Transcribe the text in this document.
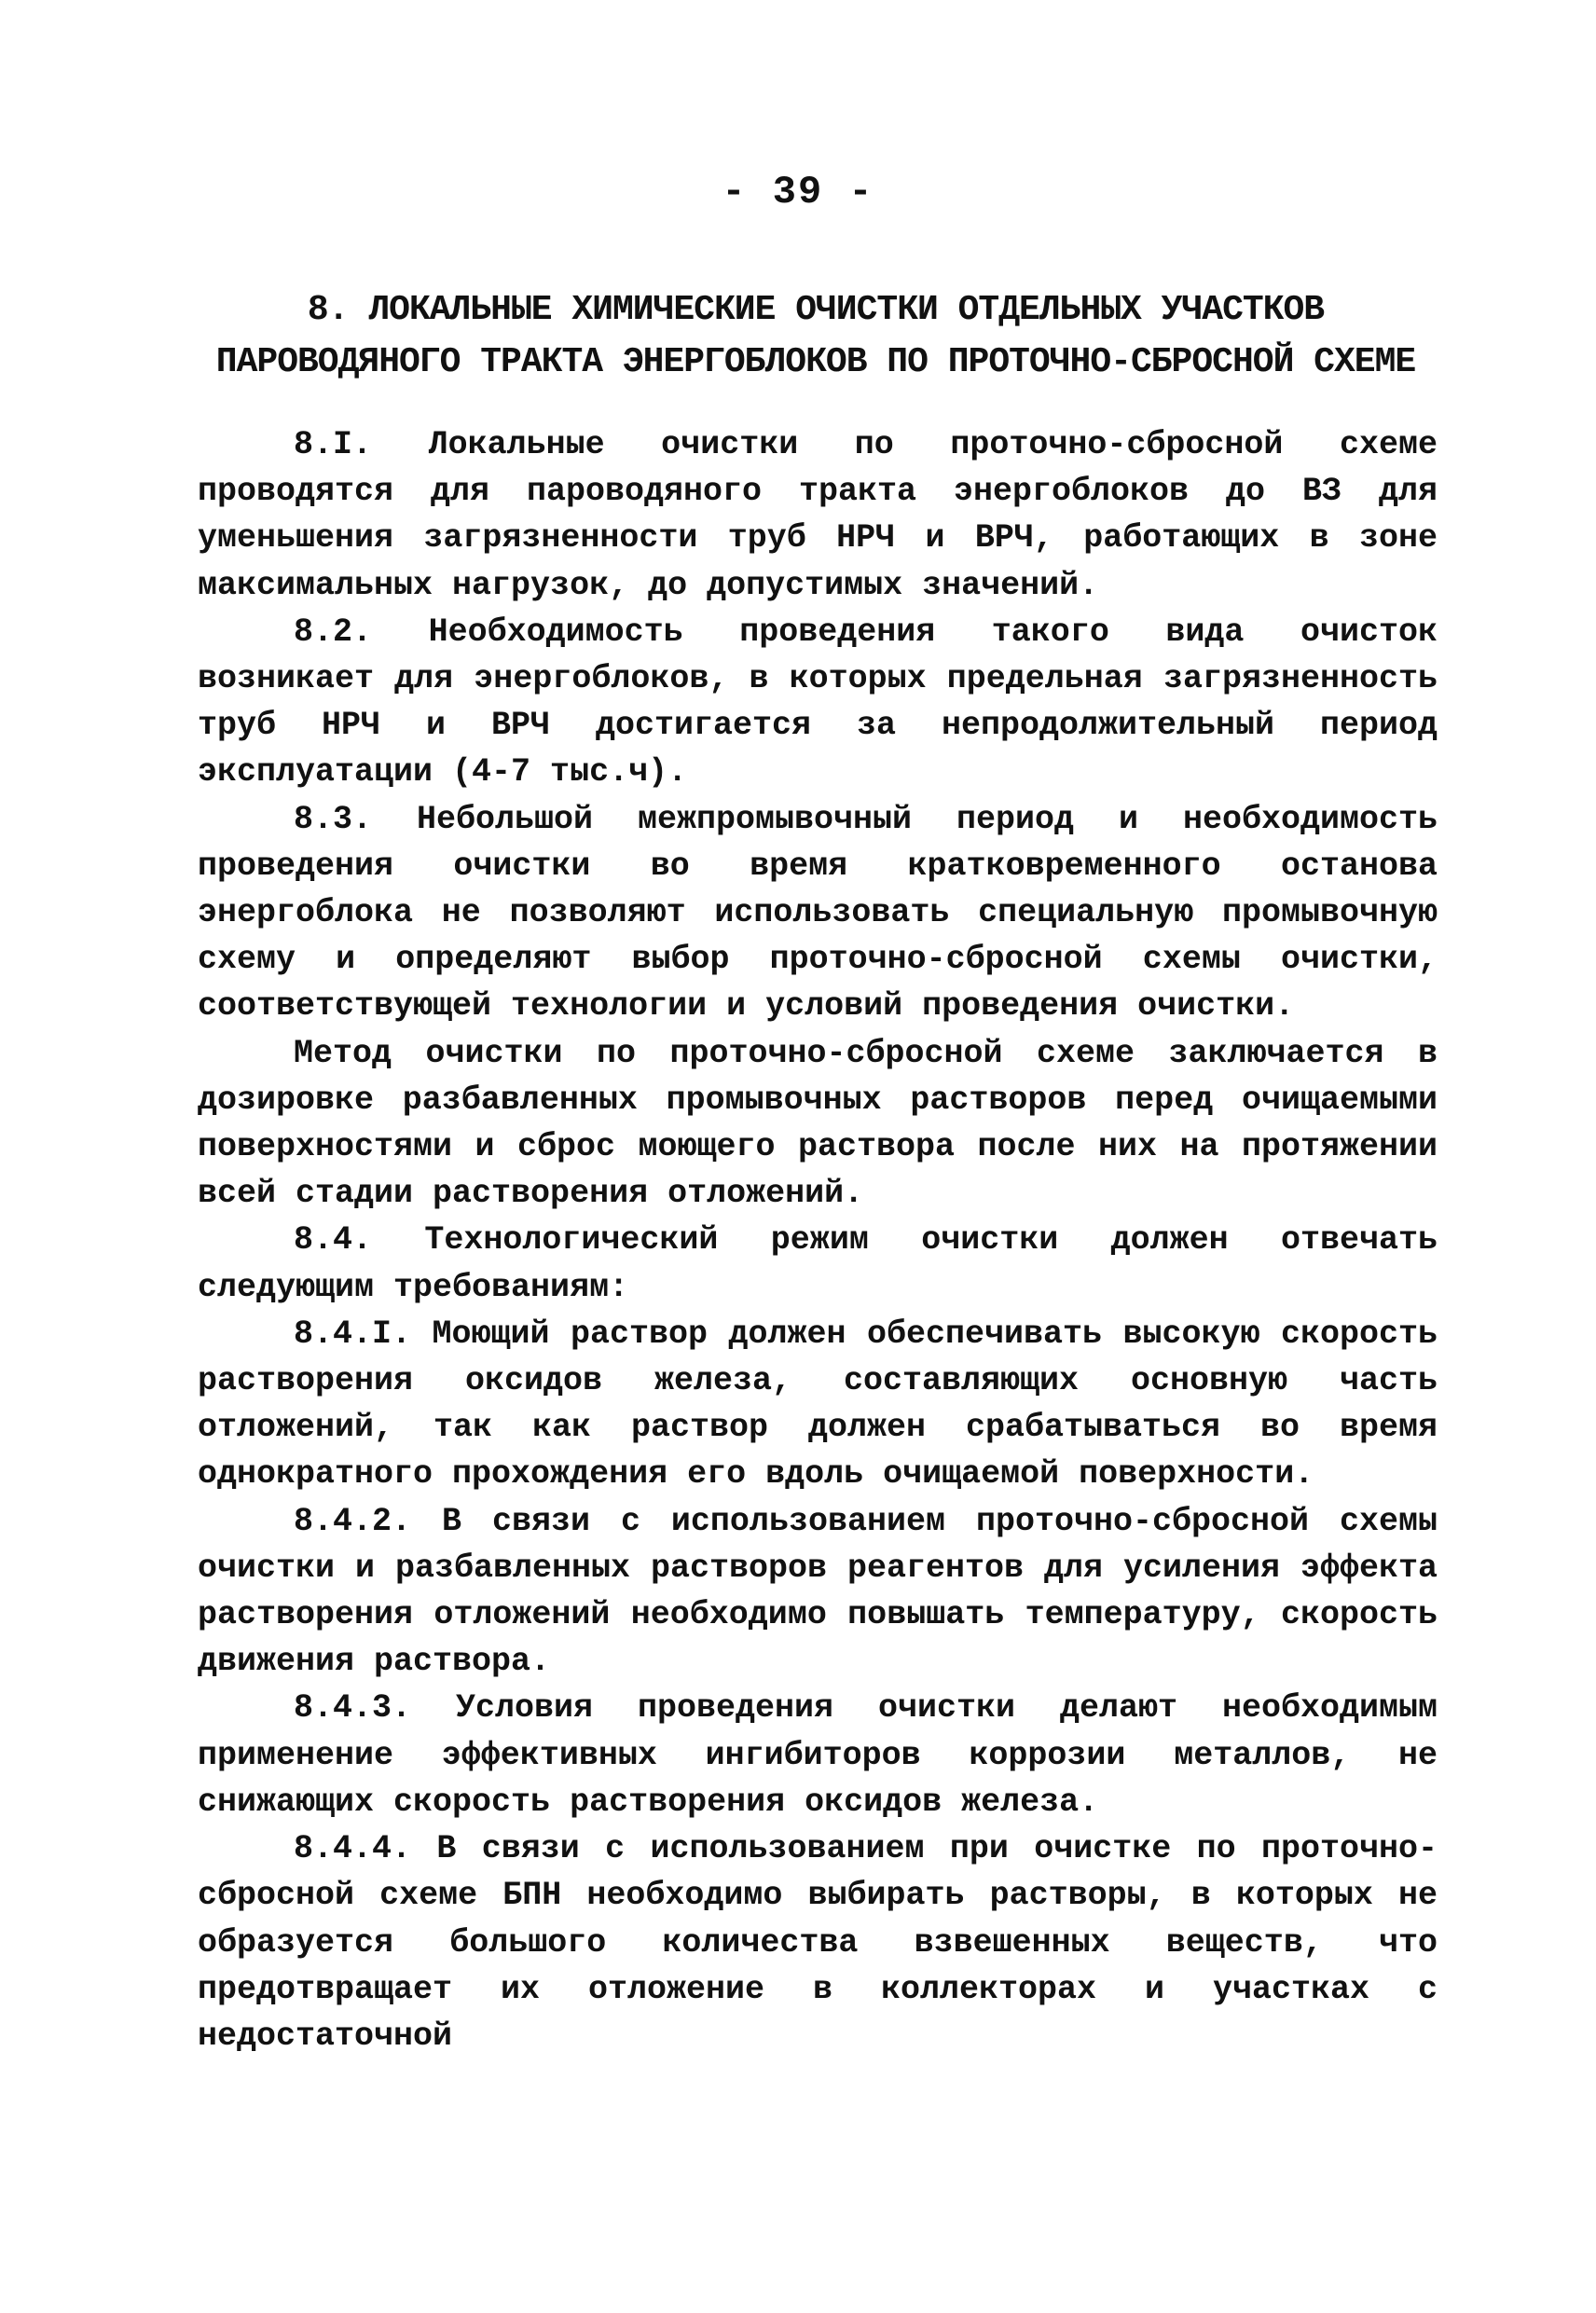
- 39 -
8. ЛОКАЛЬНЫЕ ХИМИЧЕСКИЕ ОЧИСТКИ ОТДЕЛЬНЫХ УЧАСТКОВ
ПАРОВОДЯНОГО ТРАКТА ЭНЕРГОБЛОКОВ ПО ПРОТОЧНО-СБРОСНОЙ СХЕМЕ

8.I. Локальные очистки по проточно-сбросной схеме проводятся для пароводяного тракта энергоблоков до ВЗ для уменьшения загрязненности труб НРЧ и ВРЧ, работающих в зоне максимальных нагрузок, до допустимых значений.

8.2. Необходимость проведения такого вида очисток возникает для энергоблоков, в которых предельная загрязненность труб НРЧ и ВРЧ достигается за непродолжительный период эксплуатации (4-7 тыс.ч).

8.3. Небольшой межпромывочный период и необходимость проведения очистки во время кратковременного останова энергоблока не позволяют использовать специальную промывочную схему и определяют выбор проточно-сбросной схемы очистки, соответствующей технологии и условий проведения очистки.

Метод очистки по проточно-сбросной схеме заключается в дозировке разбавленных промывочных растворов перед очищаемыми поверхностями и сброс моющего раствора после них на протяжении всей стадии растворения отложений.

8.4. Технологический режим очистки должен отвечать следующим требованиям:

8.4.I. Моющий раствор должен обеспечивать высокую скорость растворения оксидов железа, составляющих основную часть отложений, так как раствор должен срабатываться во время однократного прохождения его вдоль очищаемой поверхности.

8.4.2. В связи с использованием проточно-сбросной схемы очистки и разбавленных растворов реагентов для усиления эффекта растворения отложений необходимо повышать температуру, скорость движения раствора.

8.4.3. Условия проведения очистки делают необходимым применение эффективных ингибиторов коррозии металлов, не снижающих скорость растворения оксидов железа.

8.4.4. В связи с использованием при очистке по проточно-сбросной схеме БПН необходимо выбирать растворы, в которых не образуется большого количества взвешенных веществ, что предотвращает их отложение в коллекторах и участках с недостаточной
